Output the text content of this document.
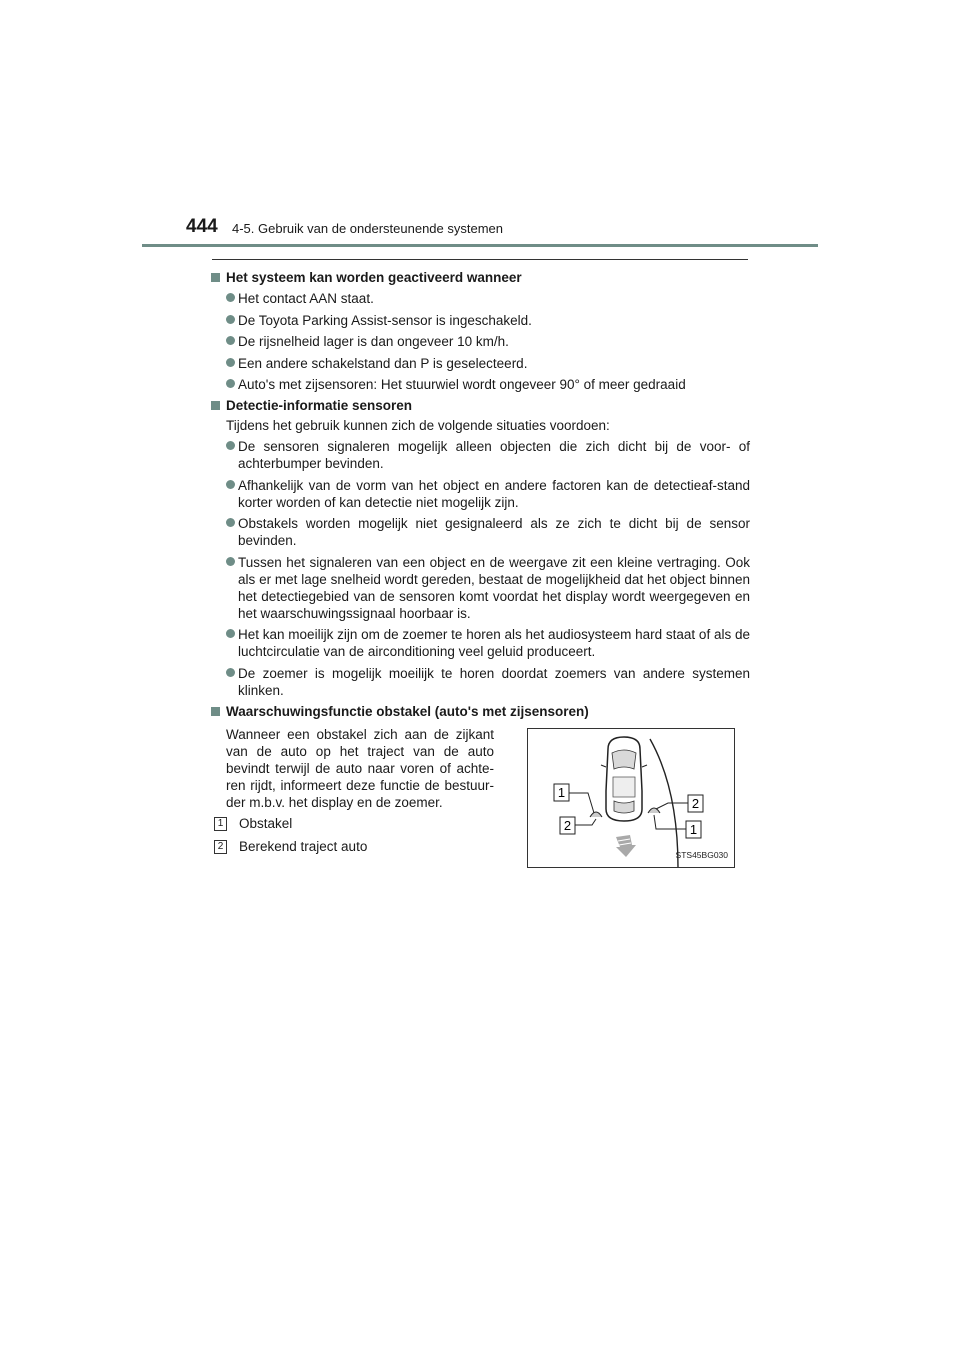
444 4-5. Gebruik van de ondersteunende systemen
Het systeem kan worden geactiveerd wanneer
Het contact AAN staat.
De Toyota Parking Assist-sensor is ingeschakeld.
De rijsnelheid lager is dan ongeveer 10 km/h.
Een andere schakelstand dan P is geselecteerd.
Auto's met zijsensoren: Het stuurwiel wordt ongeveer 90° of meer gedraaid
Detectie-informatie sensoren
Tijdens het gebruik kunnen zich de volgende situaties voordoen:
De sensoren signaleren mogelijk alleen objecten die zich dicht bij de voor- of achterbumper bevinden.
Afhankelijk van de vorm van het object en andere factoren kan de detectieaf-stand korter worden of kan detectie niet mogelijk zijn.
Obstakels worden mogelijk niet gesignaleerd als ze zich te dicht bij de sensor bevinden.
Tussen het signaleren van een object en de weergave zit een kleine vertraging. Ook als er met lage snelheid wordt gereden, bestaat de mogelijkheid dat het object binnen het detectiegebied van de sensoren komt voordat het display wordt weergegeven en het waarschuwingssignaal hoorbaar is.
Het kan moeilijk zijn om de zoemer te horen als het audiosysteem hard staat of als de luchtcirculatie van de airconditioning veel geluid produceert.
De zoemer is mogelijk moeilijk te horen doordat zoemers van andere systemen klinken.
Waarschuwingsfunctie obstakel (auto's met zijsensoren)
Wanneer een obstakel zich aan de zijkant van de auto op het traject van de auto bevindt terwijl de auto naar voren of achte-ren rijdt, informeert deze functie de bestuur-der m.b.v. het display en de zoemer.
1 Obstakel
2 Berekend traject auto
1
2
2
1
STS45BG030
